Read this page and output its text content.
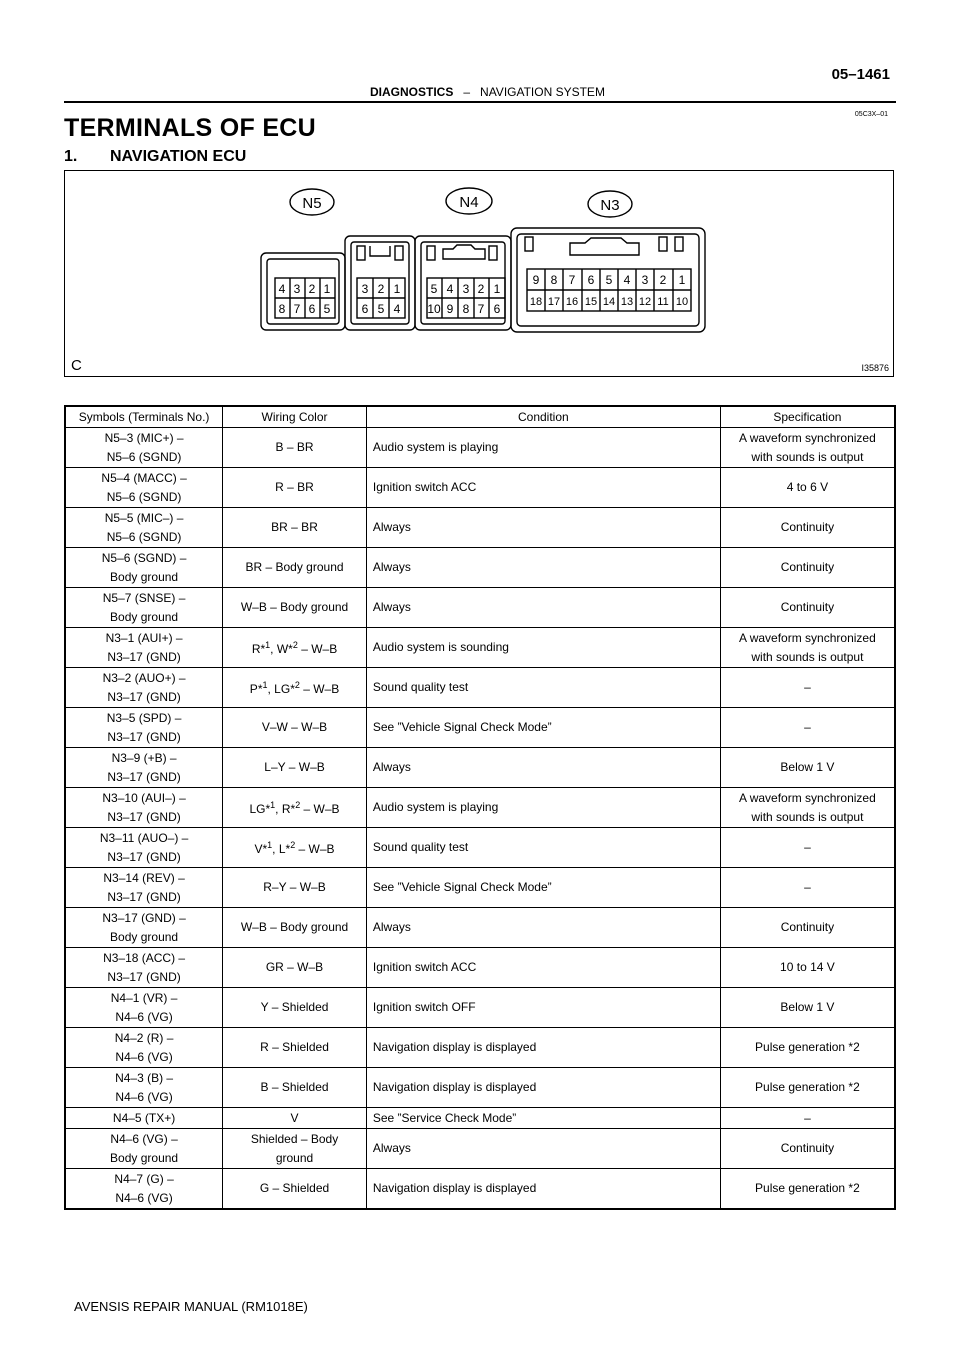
DIAGNOSTICS – NAVIGATION SYSTEM
05–1461
05C3X–01
TERMINALS OF ECU
1. NAVIGATION ECU
N5	N4	N3
4 3 2 1
8 7 6 5
3 2 1
6 5 4
5 4 3 2 1
10 9 8 7 6
9 8 7 6 5 4 3 2 1
18 17 16 15 14 13 12 11 10
C	I35876
Symbols (Terminals No.)	Wiring Color	Condition	Specification

N5–3 (MIC+) –
N5–6 (SGND)	B – BR	Audio system is playing	A waveform synchronized
with sounds is output

N5–4 (MACC) –
N5–6 (SGND)	R – BR	Ignition switch ACC	4 to 6 V

N5–5 (MIC–) –
N5–6 (SGND)	BR – BR	Always	Continuity

N5–6 (SGND) –
Body ground	BR – Body ground	Always	Continuity

N5–7 (SNSE) –
Body ground	W–B – Body ground	Always	Continuity

N3–1 (AUI+) –
N3–17 (GND)	R*$^1$, W*$^2$ – W–B	Audio system is sounding	A waveform synchronized
with sounds is output

N3–2 (AUO+) –
N3–17 (GND)	P*$^1$, LG*$^2$ – W–B	Sound quality test	–

N3–5 (SPD) –
N3–17 (GND)	V–W – W–B	See ”Vehicle Signal Check Mode”	–

N3–9 (+B) –
N3–17 (GND)	L–Y – W–B	Always	Below 1 V

N3–10 (AUI–) –
N3–17 (GND)	LG*$^1$, R*$^2$ – W–B	Audio system is playing	A waveform synchronized
with sounds is output

N3–11 (AUO–) –
N3–17 (GND)	V*$^1$, L*$^2$ – W–B	Sound quality test	–

N3–14 (REV) –
N3–17 (GND)	R–Y – W–B	See ”Vehicle Signal Check Mode”	–

N3–17 (GND) –
Body ground	W–B – Body ground	Always	Continuity

N3–18 (ACC) –
N3–17 (GND)	GR – W–B	Ignition switch ACC	10 to 14 V

N4–1 (VR) –
N4–6 (VG)	Y – Shielded	Ignition switch OFF	Below 1 V

N4–2 (R) –
N4–6 (VG)	R – Shielded	Navigation display is displayed	Pulse generation *2

N4–3 (B) –
N4–6 (VG)	B – Shielded	Navigation display is displayed	Pulse generation *2

N4–5 (TX+)	V	See ”Service Check Mode”	–

N4–6 (VG) –
Body ground	Shielded – Body
ground	Always	Continuity

N4–7 (G) –
N4–6 (VG)	G – Shielded	Navigation display is displayed	Pulse generation *2
AVENSIS REPAIR MANUAL (RM1018E)
